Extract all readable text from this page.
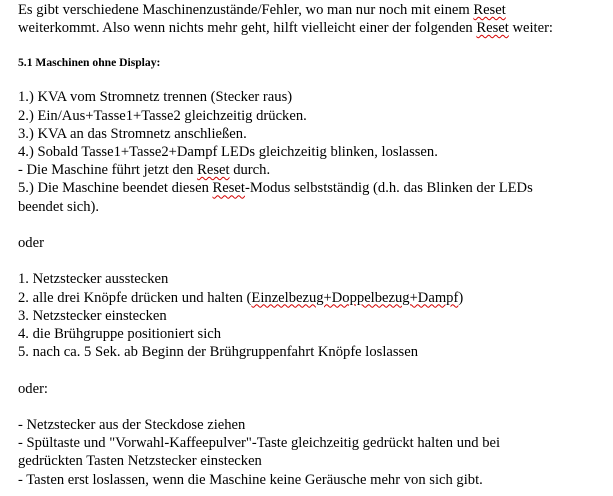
Es gibt verschiedene Maschinenzustände/Fehler, wo man nur noch mit einem Reset
weiterkommt. Also wenn nichts mehr geht, hilft vielleicht einer der folgenden Reset weiter:

5.1 Maschinen ohne Display:

1.) KVA vom Stromnetz trennen (Stecker raus)
2.) Ein/Aus+Tasse1+Tasse2 gleichzeitig drücken.
3.) KVA an das Stromnetz anschließen.
4.) Sobald Tasse1+Tasse2+Dampf LEDs gleichzeitig blinken, loslassen.
- Die Maschine führt jetzt den Reset durch.
5.) Die Maschine beendet diesen Reset-Modus selbstständig (d.h. das Blinken der LEDs
beendet sich).

oder

1. Netzstecker ausstecken
2. alle drei Knöpfe drücken und halten (Einzelbezug+Doppelbezug+Dampf)
3. Netzstecker einstecken
4. die Brühgruppe positioniert sich
5. nach ca. 5 Sek. ab Beginn der Brühgruppenfahrt Knöpfe loslassen

oder:

- Netzstecker aus der Steckdose ziehen
- Spültaste und "Vorwahl-Kaffeepulver"-Taste gleichzeitig gedrückt halten und bei
gedrückten Tasten Netzstecker einstecken
- Tasten erst loslassen, wenn die Maschine keine Geräusche mehr von sich gibt.
